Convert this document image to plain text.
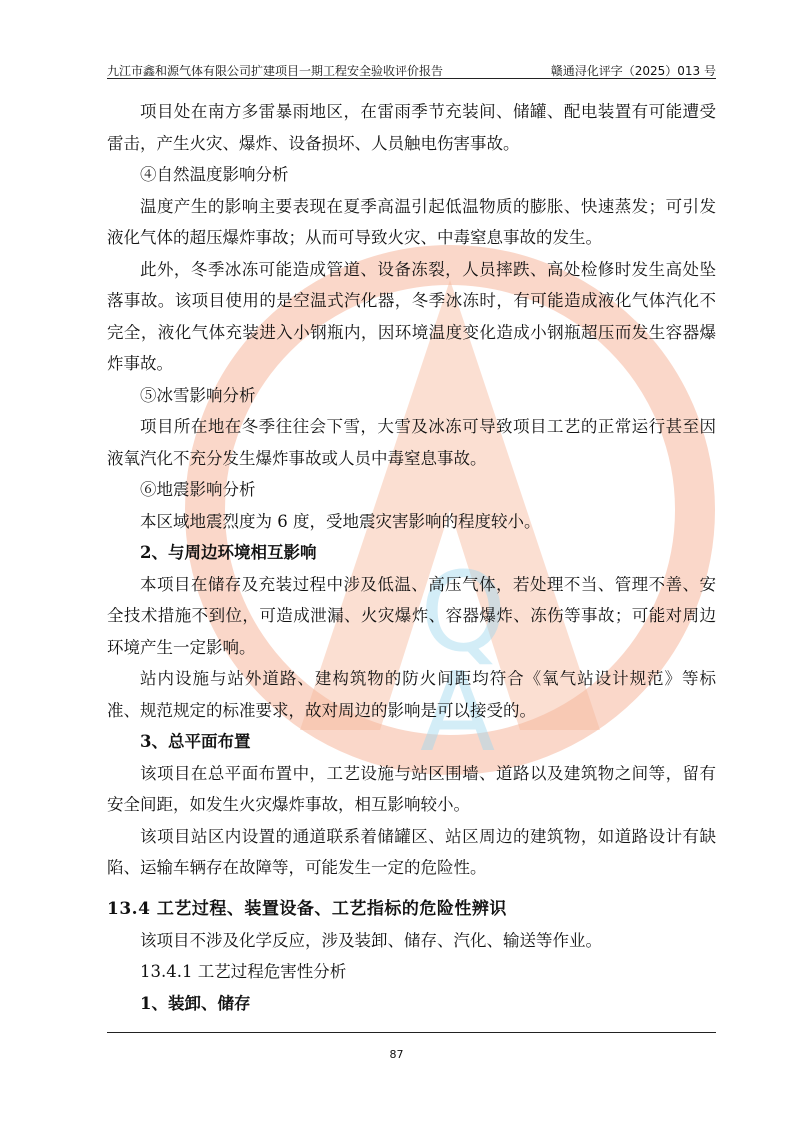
九江市鑫和源气体有限公司扩建项目一期工程安全验收评价报告	赣通浔化评字（2025）013 号
Q
A

项目处在南方多雷暴雨地区，在雷雨季节充装间、储罐、配电装置有可能遭受雷击，产生火灾、爆炸、设备损坏、人员触电伤害事故。

④自然温度影响分析

温度产生的影响主要表现在夏季高温引起低温物质的膨胀、快速蒸发；可引发液化气体的超压爆炸事故；从而可导致火灾、中毒窒息事故的发生。

此外，冬季冰冻可能造成管道、设备冻裂，人员摔跌、高处检修时发生高处坠落事故。该项目使用的是空温式汽化器，冬季冰冻时，有可能造成液化气体汽化不完全，液化气体充装进入小钢瓶内，因环境温度变化造成小钢瓶超压而发生容器爆炸事故。

⑤冰雪影响分析

项目所在地在冬季往往会下雪，大雪及冰冻可导致项目工艺的正常运行甚至因液氧汽化不充分发生爆炸事故或人员中毒窒息事故。

⑥地震影响分析

本区域地震烈度为 6 度，受地震灾害影响的程度较小。

2、与周边环境相互影响

本项目在储存及充装过程中涉及低温、高压气体，若处理不当、管理不善、安全技术措施不到位，可造成泄漏、火灾爆炸、容器爆炸、冻伤等事故；可能对周边环境产生一定影响。

站内设施与站外道路、建构筑物的防火间距均符合《氧气站设计规范》等标准、规范规定的标准要求，故对周边的影响是可以接受的。

3、总平面布置

该项目在总平面布置中，工艺设施与站区围墙、道路以及建筑物之间等，留有安全间距，如发生火灾爆炸事故，相互影响较小。

该项目站区内设置的通道联系着储罐区、站区周边的建筑物，如道路设计有缺陷、运输车辆存在故障等，可能发生一定的危险性。

13.4 工艺过程、装置设备、工艺指标的危险性辨识

该项目不涉及化学反应，涉及装卸、储存、汽化、输送等作业。

13.4.1 工艺过程危害性分析

1、装卸、储存

87
